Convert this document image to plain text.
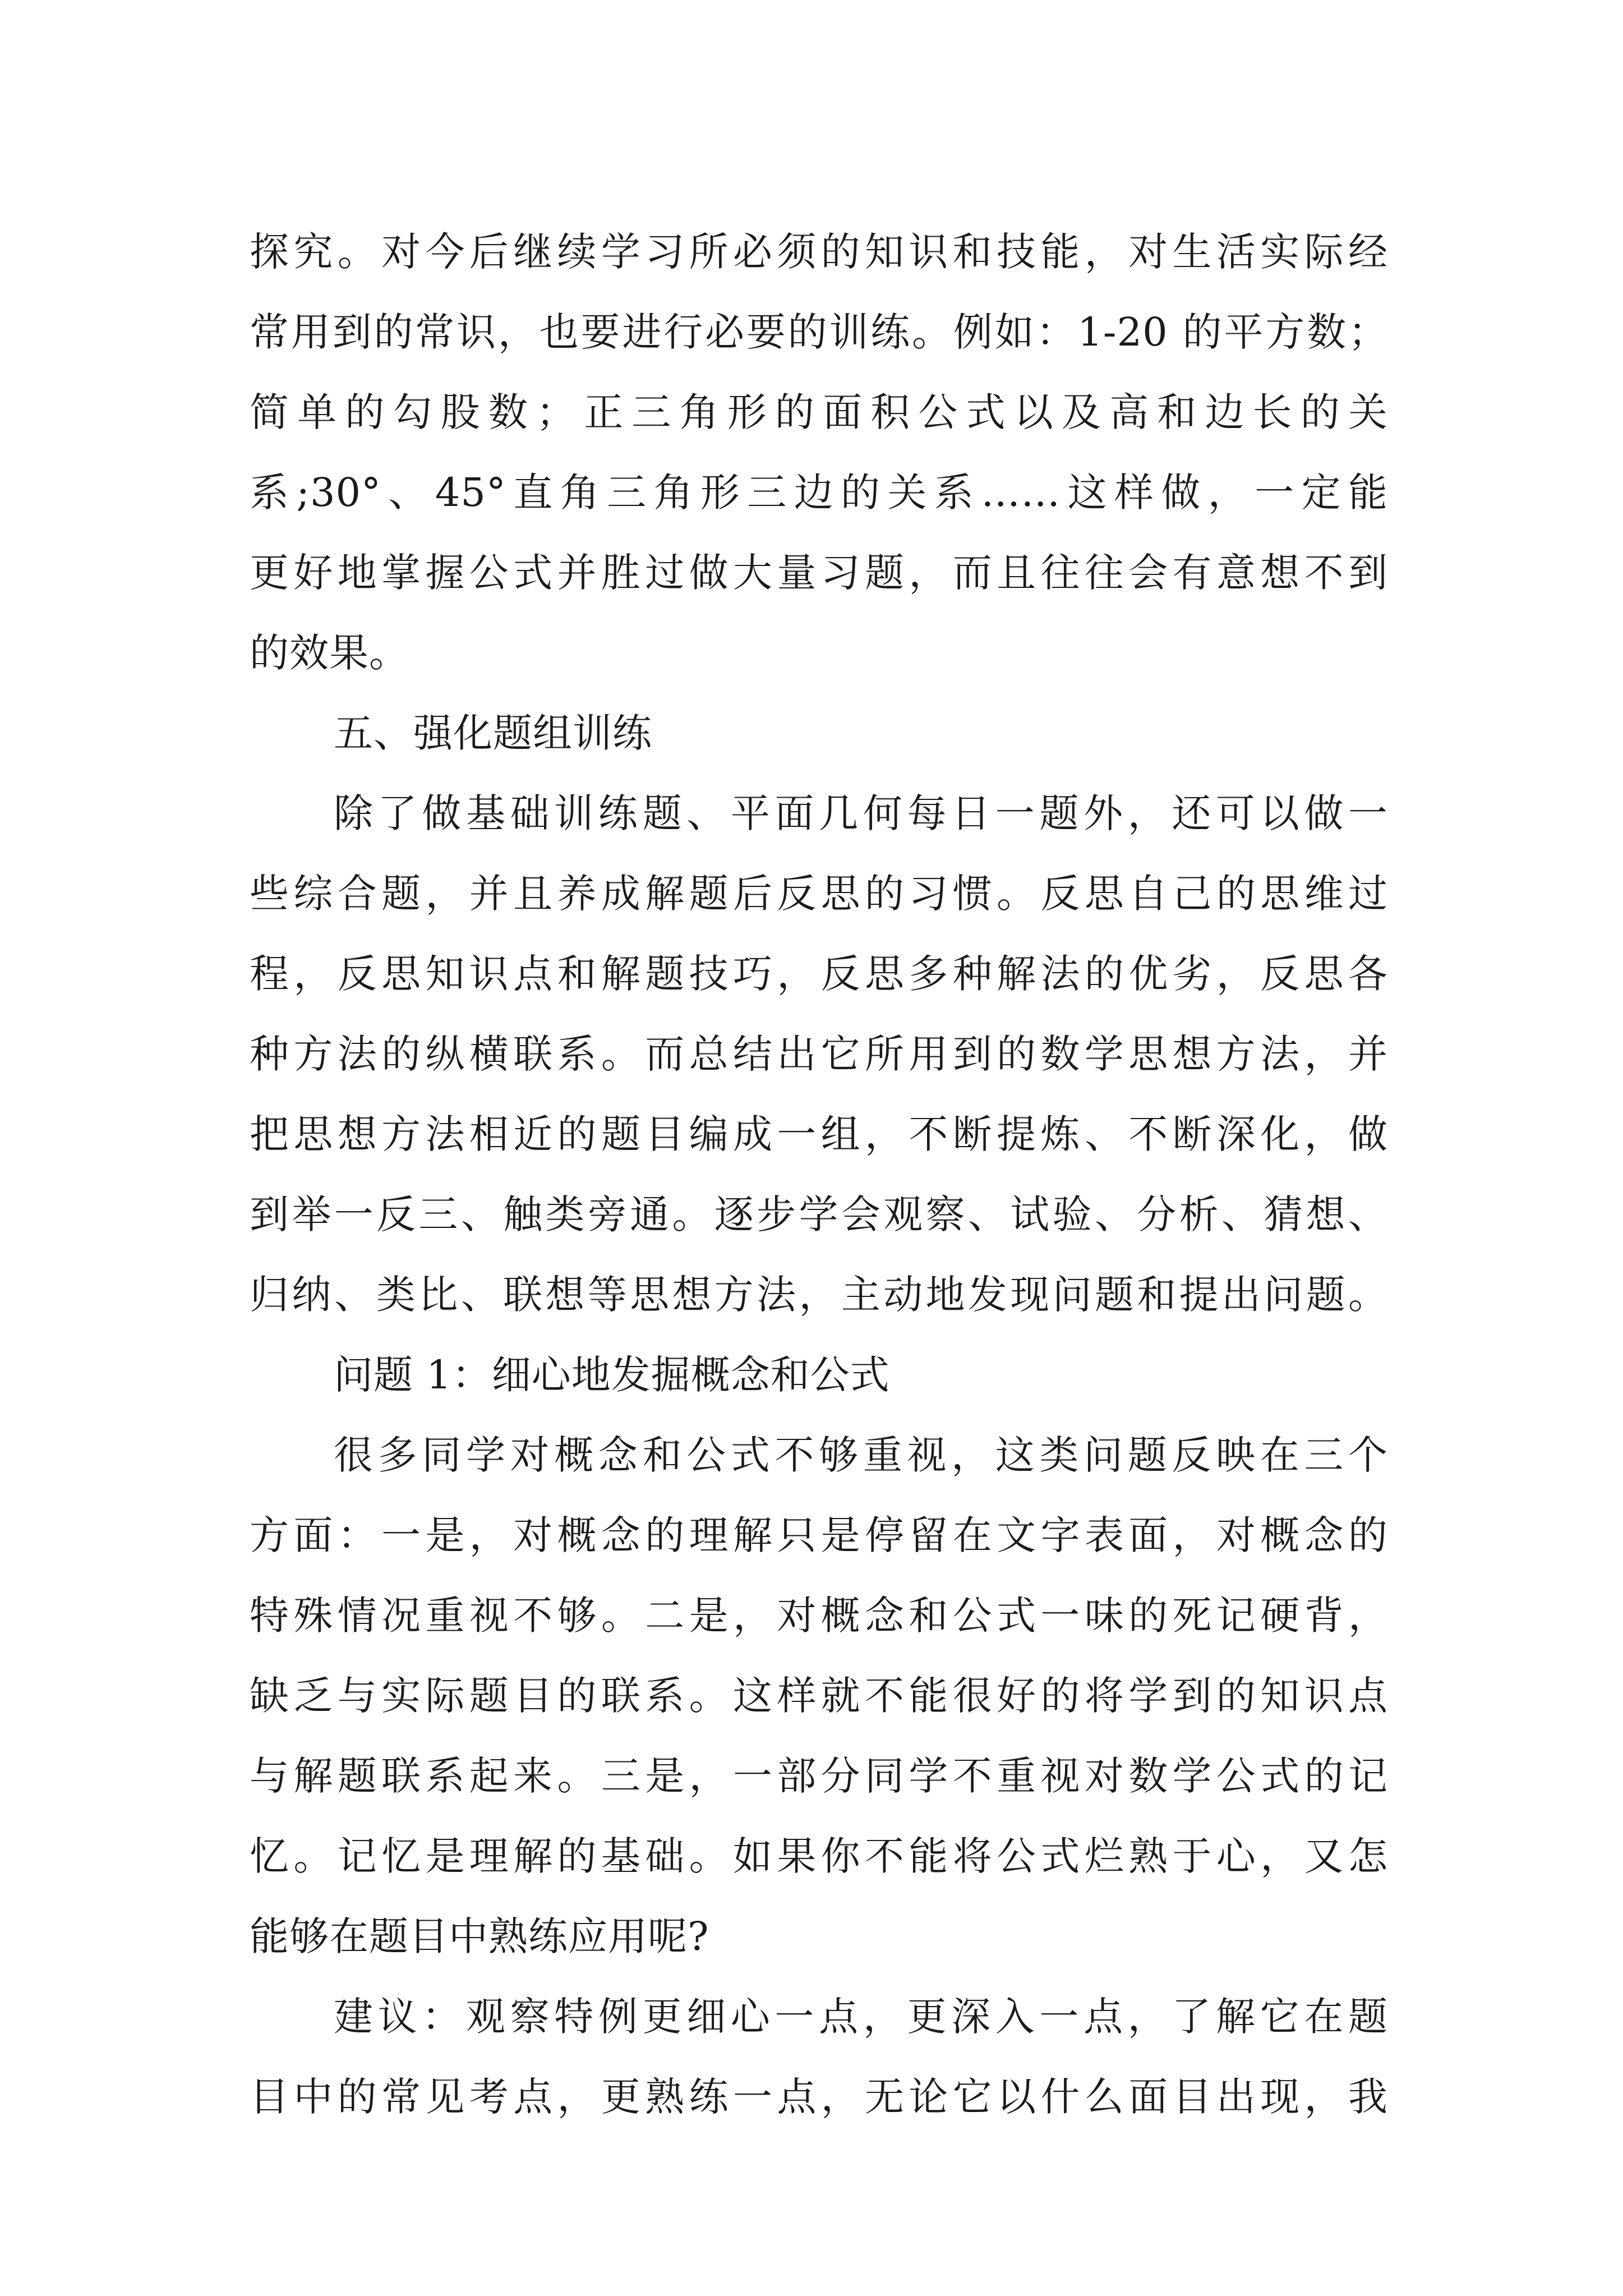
探究。对今后继续学习所必须的知识和技能，对生活实际经
常用到的常识，也要进行必要的训练。例如：1-20 的平方数；
简单的勾股数；正三角形的面积公式以及高和边长的关
系;30°、45°直角三角形三边的关系……这样做，一定能
更好地掌握公式并胜过做大量习题，而且往往会有意想不到
的效果。
五、强化题组训练
除了做基础训练题、平面几何每日一题外，还可以做一
些综合题，并且养成解题后反思的习惯。反思自己的思维过
程，反思知识点和解题技巧，反思多种解法的优劣，反思各
种方法的纵横联系。而总结出它所用到的数学思想方法，并
把思想方法相近的题目编成一组，不断提炼、不断深化，做
到举一反三、触类旁通。逐步学会观察、试验、分析、猜想、
归纳、类比、联想等思想方法，主动地发现问题和提出问题。
问题 1：细心地发掘概念和公式
很多同学对概念和公式不够重视，这类问题反映在三个
方面：一是，对概念的理解只是停留在文字表面，对概念的
特殊情况重视不够。二是，对概念和公式一味的死记硬背，
缺乏与实际题目的联系。这样就不能很好的将学到的知识点
与解题联系起来。三是，一部分同学不重视对数学公式的记
忆。记忆是理解的基础。如果你不能将公式烂熟于心，又怎
能够在题目中熟练应用呢?
建议：观察特例更细心一点，更深入一点，了解它在题
目中的常见考点，更熟练一点，无论它以什么面目出现，我
